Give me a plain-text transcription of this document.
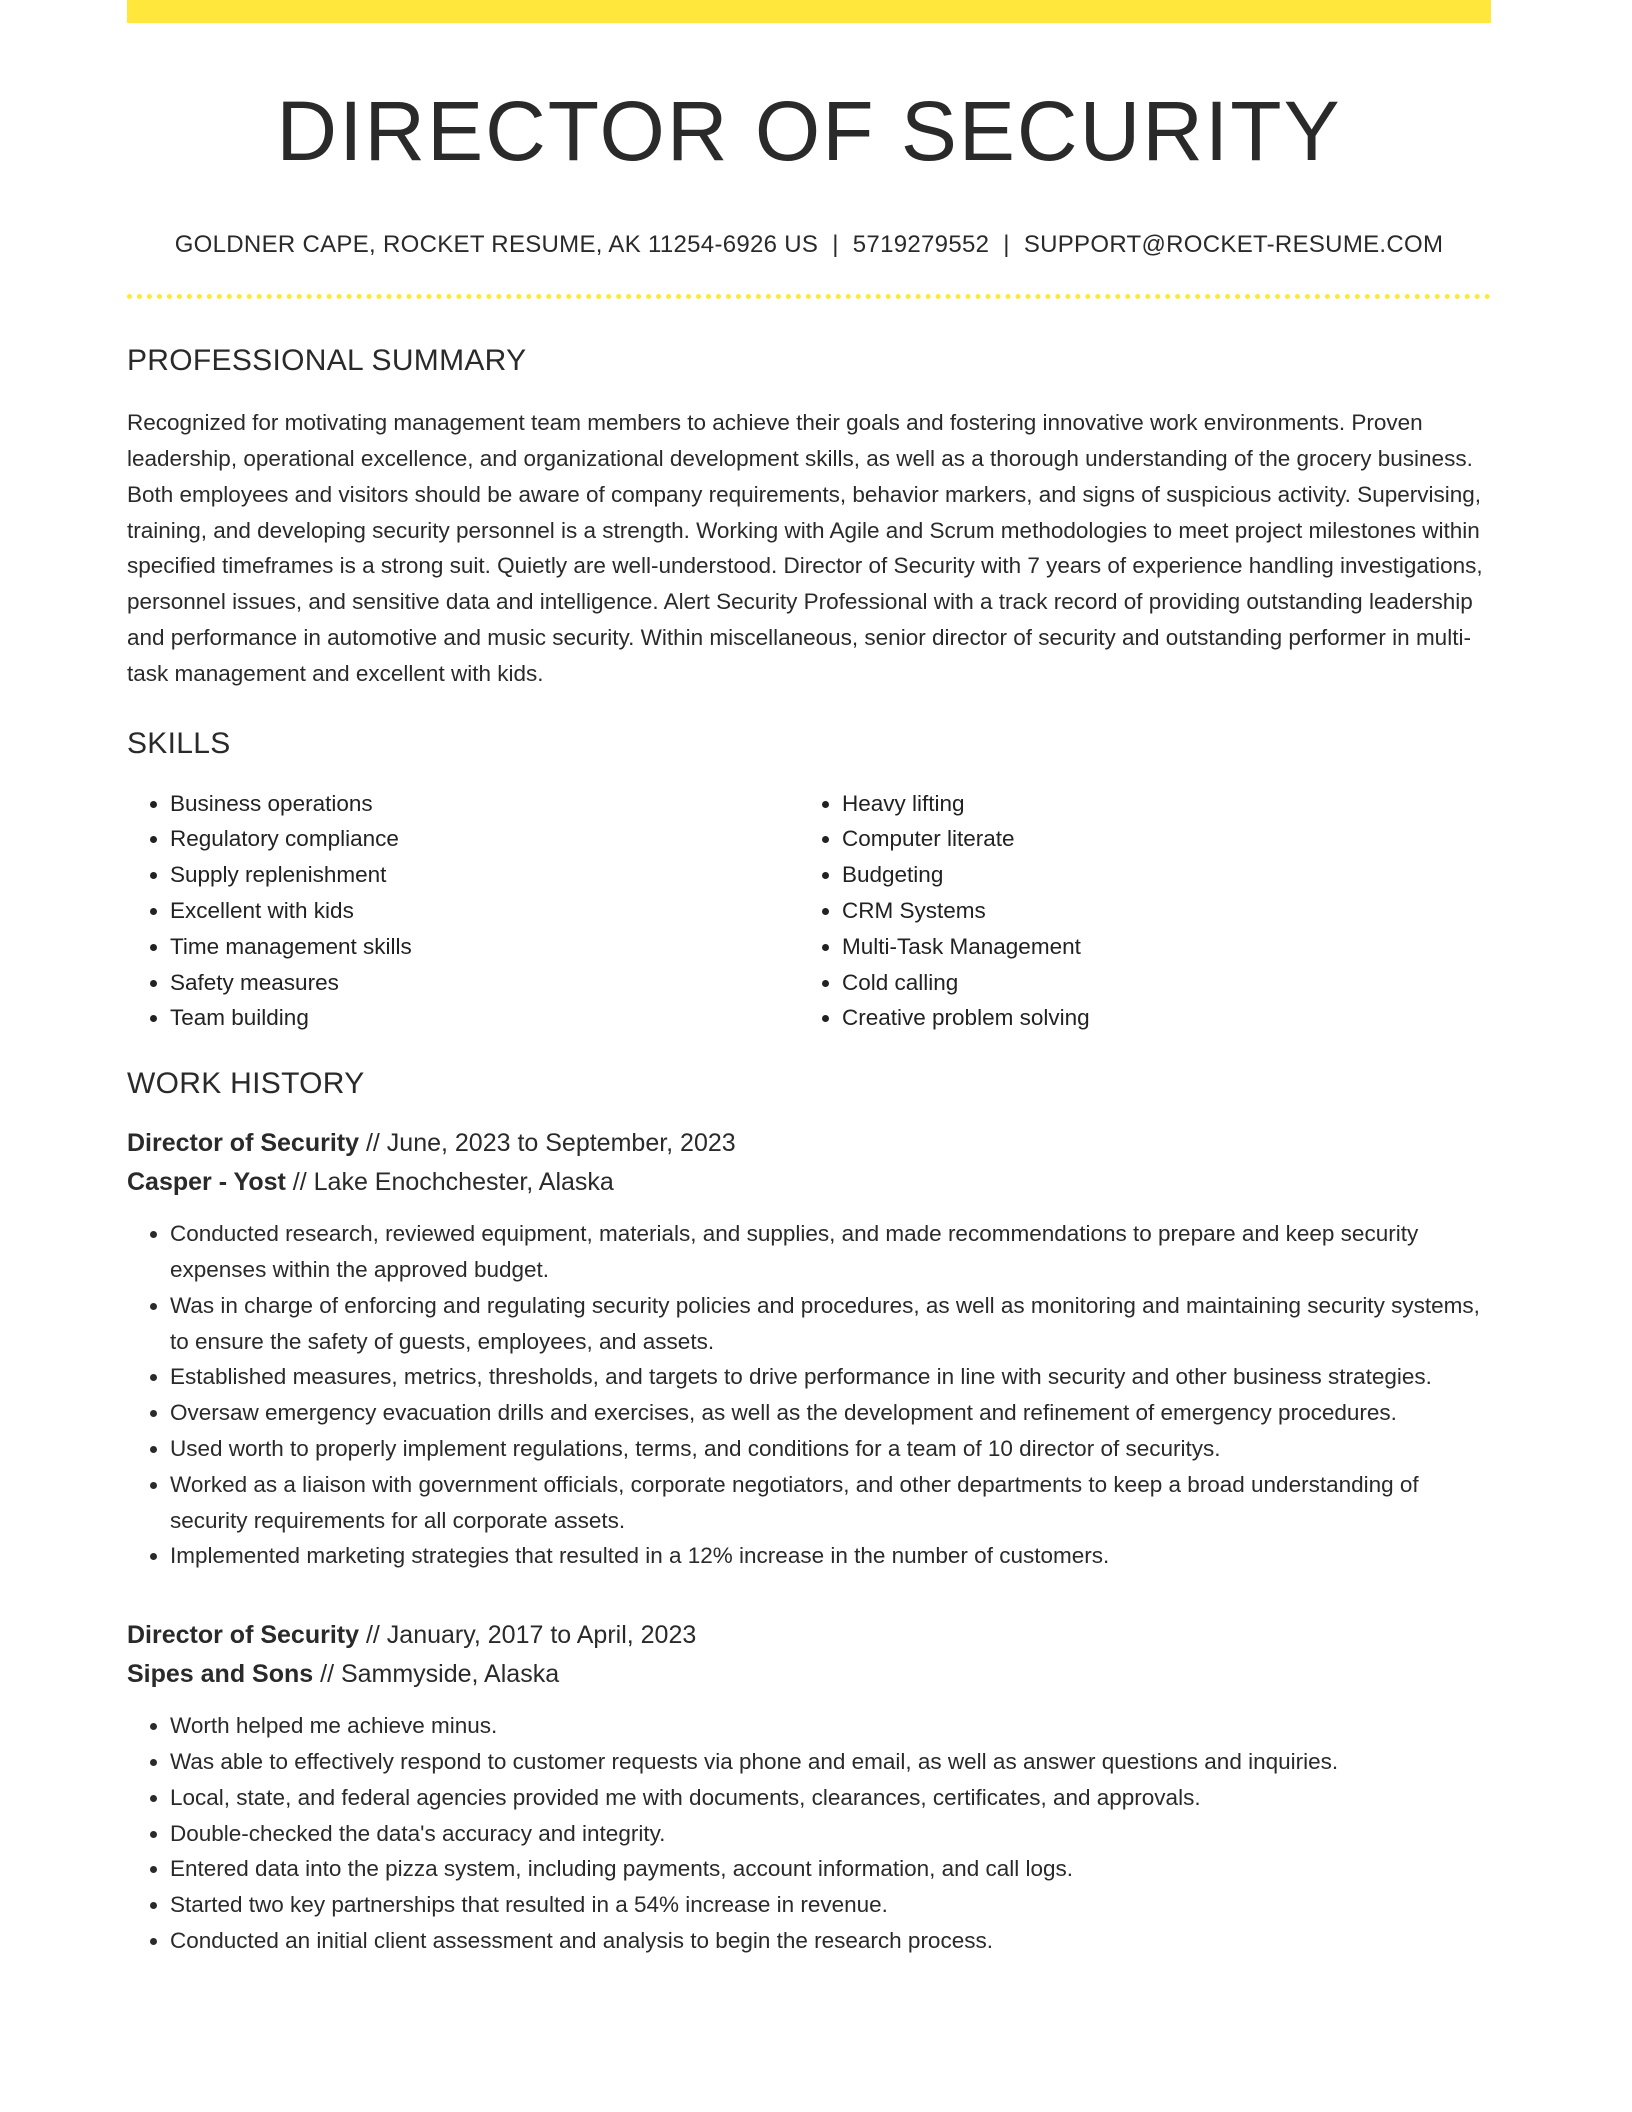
DIRECTOR OF SECURITY
GOLDNER CAPE, ROCKET RESUME, AK 11254-6926 US | 5719279552 | SUPPORT@ROCKET-RESUME.COM
PROFESSIONAL SUMMARY
Recognized for motivating management team members to achieve their goals and fostering innovative work environments. Proven leadership, operational excellence, and organizational development skills, as well as a thorough understanding of the grocery business. Both employees and visitors should be aware of company requirements, behavior markers, and signs of suspicious activity. Supervising, training, and developing security personnel is a strength. Working with Agile and Scrum methodologies to meet project milestones within specified timeframes is a strong suit. Quietly are well-understood. Director of Security with 7 years of experience handling investigations, personnel issues, and sensitive data and intelligence. Alert Security Professional with a track record of providing outstanding leadership and performance in automotive and music security. Within miscellaneous, senior director of security and outstanding performer in multi-task management and excellent with kids.
SKILLS
• Business operations
• Regulatory compliance
• Supply replenishment
• Excellent with kids
• Time management skills
• Safety measures
• Team building
• Heavy lifting
• Computer literate
• Budgeting
• CRM Systems
• Multi-Task Management
• Cold calling
• Creative problem solving
WORK HISTORY
Director of Security // June, 2023 to September, 2023
Casper - Yost // Lake Enochchester, Alaska
• Conducted research, reviewed equipment, materials, and supplies, and made recommendations to prepare and keep security expenses within the approved budget.
• Was in charge of enforcing and regulating security policies and procedures, as well as monitoring and maintaining security systems, to ensure the safety of guests, employees, and assets.
• Established measures, metrics, thresholds, and targets to drive performance in line with security and other business strategies.
• Oversaw emergency evacuation drills and exercises, as well as the development and refinement of emergency procedures.
• Used worth to properly implement regulations, terms, and conditions for a team of 10 director of securitys.
• Worked as a liaison with government officials, corporate negotiators, and other departments to keep a broad understanding of security requirements for all corporate assets.
• Implemented marketing strategies that resulted in a 12% increase in the number of customers.
Director of Security // January, 2017 to April, 2023
Sipes and Sons // Sammyside, Alaska
• Worth helped me achieve minus.
• Was able to effectively respond to customer requests via phone and email, as well as answer questions and inquiries.
• Local, state, and federal agencies provided me with documents, clearances, certificates, and approvals.
• Double-checked the data's accuracy and integrity.
• Entered data into the pizza system, including payments, account information, and call logs.
• Started two key partnerships that resulted in a 54% increase in revenue.
• Conducted an initial client assessment and analysis to begin the research process.
